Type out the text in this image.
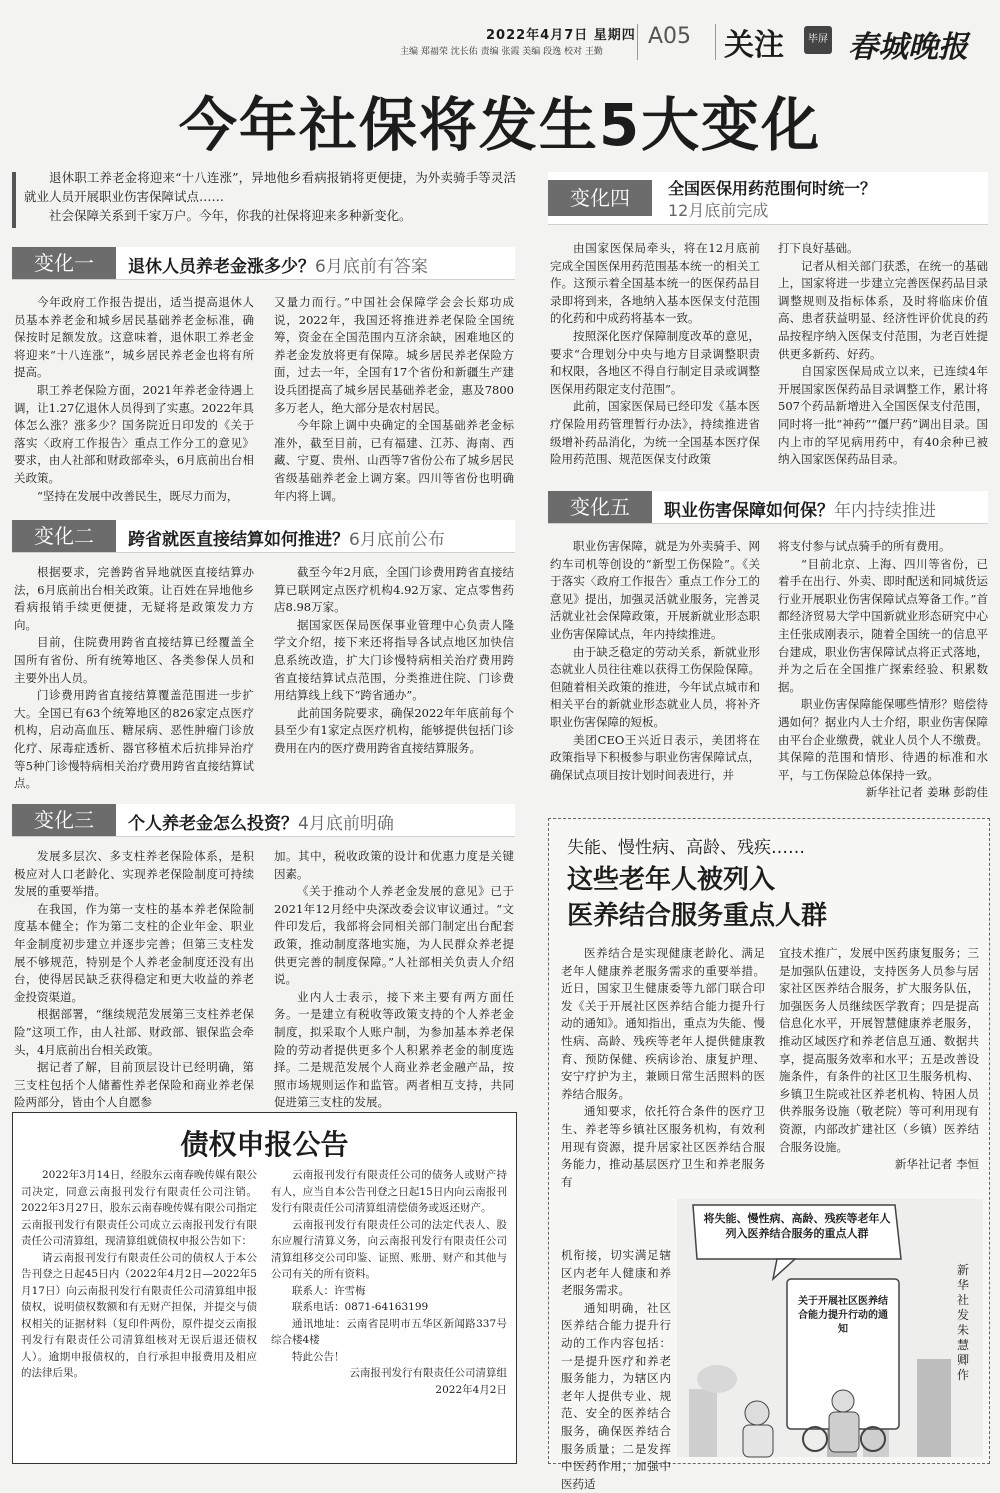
2022年4月7日 星期四
主编 郑福荣 沈长佑 责编 张霞 美编 段逸 校对 王勤
A05 关注	毕屏 春城晚报
今年社保将发生5大变化

退休职工养老金将迎来“十八连涨”，异地他乡看病报销将更便捷，为外卖骑手等灵活就业人员开展职业伤害保障试点……

社会保障关系到千家万户。今年，你我的社保将迎来多种新变化。

变化一	退休人员养老金涨多少？6月底前有答案

今年政府工作报告提出，适当提高退休人员基本养老金和城乡居民基础养老金标准，确保按时足额发放。这意味着，退休职工养老金将迎来“十八连涨”，城乡居民养老金也将有所提高。

职工养老保险方面，2021年养老金待遇上调，让1.27亿退休人员得到了实惠。2022年具体怎么涨？涨多少？国务院近日印发的《关于落实〈政府工作报告〉重点工作分工的意见》要求，由人社部和财政部牵头，6月底前出台相关政策。

“坚持在发展中改善民生，既尽力而为，

又量力而行。”中国社会保障学会会长郑功成说，2022年，我国还将推进养老保险全国统筹，资金在全国范围内互济余缺，困难地区的养老金发放将更有保障。城乡居民养老保险方面，过去一年，全国有17个省份和新疆生产建设兵团提高了城乡居民基础养老金，惠及7800多万老人，绝大部分是农村居民。

今年除上调中央确定的全国基础养老金标准外，截至目前，已有福建、江苏、海南、西藏、宁夏、贵州、山西等7省份公布了城乡居民省级基础养老金上调方案。四川等省份也明确年内将上调。

变化二	跨省就医直接结算如何推进？6月底前公布

根据要求，完善跨省异地就医直接结算办法，6月底前出台相关政策。让百姓在异地他乡看病报销手续更便捷，无疑将是政策发力方向。

目前，住院费用跨省直接结算已经覆盖全国所有省份、所有统筹地区、各类参保人员和主要外出人员。

门诊费用跨省直接结算覆盖范围进一步扩大。全国已有63个统筹地区的826家定点医疗机构，启动高血压、糖尿病、恶性肿瘤门诊放化疗、尿毒症透析、器官移植术后抗排异治疗等5种门诊慢特病相关治疗费用跨省直接结算试点。

截至今年2月底，全国门诊费用跨省直接结算已联网定点医疗机构4.92万家、定点零售药店8.98万家。

据国家医保局医保事业管理中心负责人隆学文介绍，接下来还将指导各试点地区加快信息系统改造，扩大门诊慢特病相关治疗费用跨省直接结算试点范围，分类推进住院、门诊费用结算线上线下“跨省通办”。

此前国务院要求，确保2022年年底前每个县至少有1家定点医疗机构，能够提供包括门诊费用在内的医疗费用跨省直接结算服务。

变化三	个人养老金怎么投资？4月底前明确

发展多层次、多支柱养老保险体系，是积极应对人口老龄化、实现养老保险制度可持续发展的重要举措。

在我国，作为第一支柱的基本养老保险制度基本健全；作为第二支柱的企业年金、职业年金制度初步建立并逐步完善；但第三支柱发展不够规范，特别是个人养老金制度还没有出台，使得居民缺乏获得稳定和更大收益的养老金投资渠道。

根据部署，“继续规范发展第三支柱养老保险”这项工作，由人社部、财政部、银保监会牵头，4月底前出台相关政策。

据记者了解，目前顶层设计已经明确，第三支柱包括个人储蓄性养老保险和商业养老保险两部分，皆由个人自愿参

加。其中，税收政策的设计和优惠力度是关键因素。

《关于推动个人养老金发展的意见》已于2021年12月经中央深改委会议审议通过。“文件印发后，我部将会同相关部门制定出台配套政策，推动制度落地实施，为人民群众养老提供更完善的制度保障。”人社部相关负责人介绍说。

业内人士表示，接下来主要有两方面任务。一是建立有税收等政策支持的个人养老金制度，拟采取个人账户制，为参加基本养老保险的劳动者提供更多个人积累养老金的制度选择。二是规范发展个人商业养老金融产品，按照市场规则运作和监管。两者相互支持，共同促进第三支柱的发展。

变化四	全国医保用药范围何时统一？
12月底前完成

由国家医保局牵头，将在12月底前完成全国医保用药范围基本统一的相关工作。这预示着全国基本统一的医保药品目录即将到来，各地纳入基本医保支付范围的化药和中成药将基本一致。

按照深化医疗保障制度改革的意见，要求“合理划分中央与地方目录调整职责和权限，各地区不得自行制定目录或调整医保用药限定支付范围”。

此前，国家医保局已经印发《基本医疗保险用药管理暂行办法》，持续推进省级增补药品消化，为统一全国基本医疗保险用药范围、规范医保支付政策

打下良好基础。

记者从相关部门获悉，在统一的基础上，国家将进一步建立完善医保药品目录调整规则及指标体系，及时将临床价值高、患者获益明显、经济性评价优良的药品按程序纳入医保支付范围，为老百姓提供更多新药、好药。

自国家医保局成立以来，已连续4年开展国家医保药品目录调整工作，累计将507个药品新增进入全国医保支付范围，同时将一批“神药”“僵尸药”调出目录。国内上市的罕见病用药中，有40余种已被纳入国家医保药品目录。

变化五	职业伤害保障如何保？年内持续推进

职业伤害保障，就是为外卖骑手、网约车司机等创设的“新型工伤保险”。《关于落实〈政府工作报告〉重点工作分工的意见》提出，加强灵活就业服务，完善灵活就业社会保障政策，开展新就业形态职业伤害保障试点，年内持续推进。

由于缺乏稳定的劳动关系，新就业形态就业人员往往难以获得工伤保险保障。但随着相关政策的推进，今年试点城市和相关平台的新就业形态就业人员，将补齐职业伤害保障的短板。

美团CEO王兴近日表示，美团将在政策指导下积极参与职业伤害保障试点，确保试点项目按计划时间表进行，并

将支付参与试点骑手的所有费用。

“目前北京、上海、四川等省份，已着手在出行、外卖、即时配送和同城货运行业开展职业伤害保障试点筹备工作。”首都经济贸易大学中国新就业形态研究中心主任张成刚表示，随着全国统一的信息平台建成，职业伤害保障试点将正式落地，并为之后在全国推广探索经验、积累数据。

职业伤害保障能保哪些情形？赔偿待遇如何？据业内人士介绍，职业伤害保障由平台企业缴费，就业人员个人不缴费。其保障的范围和情形、待遇的标准和水平，与工伤保险总体保持一致。

新华社记者 姜琳 彭韵佳

债权申报公告

2022年3月14日，经股东云南春晚传媒有限公司决定，同意云南报刊发行有限责任公司注销。2022年3月27日，股东云南春晚传媒有限公司指定云南报刊发行有限责任公司成立云南报刊发行有限责任公司清算组，现清算组就债权申报公告如下：

请云南报刊发行有限责任公司的债权人于本公告刊登之日起45日内（2022年4月2日—2022年5月17日）向云南报刊发行有限责任公司清算组申报债权，说明债权数额和有无财产担保，并提交与债权相关的证据材料（复印件两份，原件提交云南报刊发行有限责任公司清算组核对无误后退还债权人）。逾期申报债权的，自行承担申报费用及相应的法律后果。

云南报刊发行有限责任公司的债务人或财产持有人，应当自本公告刊登之日起15日内向云南报刊发行有限责任公司清算组清偿债务或返还财产。

云南报刊发行有限责任公司的法定代表人、股东应履行清算义务，向云南报刊发行有限责任公司清算组移交公司印鉴、证照、账册、财产和其他与公司有关的所有资料。

联系人：许雪梅

联系电话：0871-64163199

通讯地址：云南省昆明市五华区新闻路337号综合楼4楼

特此公告！

云南报刊发行有限责任公司清算组

2022年4月2日

失能、慢性病、高龄、残疾……
这些老年人被列入
医养结合服务重点人群

医养结合是实现健康老龄化、满足老年人健康养老服务需求的重要举措。近日，国家卫生健康委等九部门联合印发《关于开展社区医养结合能力提升行动的通知》。通知指出，重点为失能、慢性病、高龄、残疾等老年人提供健康教育、预防保健、疾病诊治、康复护理、安宁疗护为主，兼顾日常生活照料的医养结合服务。

通知要求，依托符合条件的医疗卫生、养老等乡镇社区服务机构，有效利用现有资源，提升居家社区医养结合服务能力，推动基层医疗卫生和养老服务有

宜技术推广，发展中医药康复服务；三是加强队伍建设，支持医务人员参与居家社区医养结合服务，扩大服务队伍，加强医务人员继续医学教育；四是提高信息化水平，开展智慧健康养老服务，推动区域医疗和养老信息互通、数据共享，提高服务效率和水平；五是改善设施条件，有条件的社区卫生服务机构、乡镇卫生院或社区养老机构、特困人员供养服务设施（敬老院）等可利用现有资源，内部改扩建社区（乡镇）医养结合服务设施。

新华社记者 李恒

机衔接，切实满足辖区内老年人健康和养老服务需求。

通知明确，社区医养结合能力提升行动的工作内容包括：一是提升医疗和养老服务能力，为辖区内老年人提供专业、规范、安全的医养结合服务，确保医养结合服务质量；二是发挥中医药作用，加强中医药适

将失能、慢性病、高龄、残疾等老年人列入医养结合服务的重点人群
关于开展社区医养结合能力提升行动的通知
新华社发 朱慧卿 作
